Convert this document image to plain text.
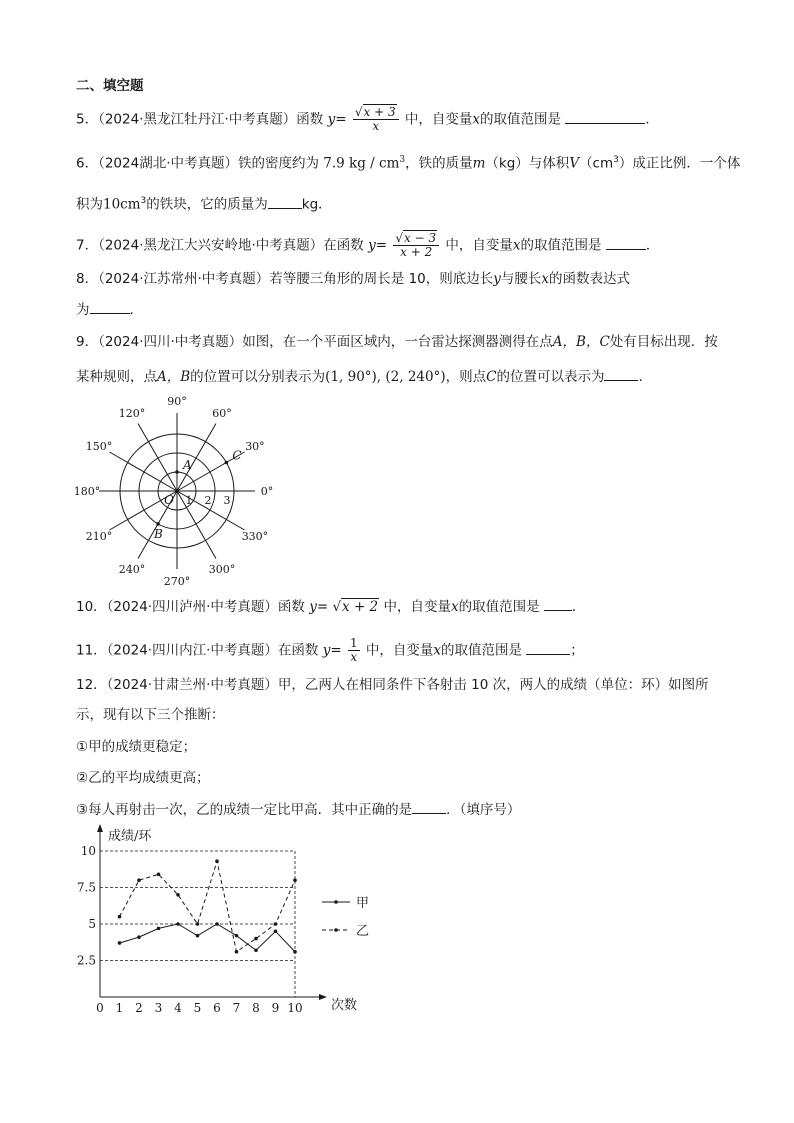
二、填空题
5．（2024·黑龙江牡丹江·中考真题）函数 $y= \frac{√x + 3}{x}$ 中，自变量x的取值范围是	．
6．（2024湖北·中考真题）铁的密度约为 7.9 kg / $cm^3$，铁的质量m（kg）与体积$V(cm^3)$成正比例．一个体
积为$10cm^3$的铁块，它的质量为	kg．
7．（2024·黑龙江大兴安岭地·中考真题）在函数 $y= \frac{√x - 3}{x + 2}$ 中，自变量x的取值范围是	．
8．（2024·江苏常州·中考真题）若等腰三角形的周长是 10，则底边长y与腰长x的函数表达式
为	．
9．（2024·四川·中考真题）如图，在一个平面区域内，一台雷达探测器测得在点A，B，C处有目标出现．按
某种规则，点A，B的位置可以分别表示为(1, 90°), (2, 240°)，则点C的位置可以表示为	．
0°
30°
60°
90°
120°
150°
180°
210°
240°
270°
300°
330°
1 2 3
O
A
B
C
10．（2024·四川泸州·中考真题）函数 y= √x + 2 中，自变量x的取值范围是 ．
11．（2024·四川内江·中考真题）在函数 $y= \frac{1}{x}$ 中，自变量x的取值范围是	；
12．（2024·甘肃兰州·中考真题）甲，乙两人在相同条件下各射击 10 次，两人的成绩（单位：环）如图所
示，现有以下三个推断：
①甲的成绩更稳定；
②乙的平均成绩更高；
③每人再射击一次，乙的成绩一定比甲高．其中正确的是	．（填序号）
成绩/环
次数
2.5
5
7.5
10
0 1 2 3 4 5 6 7 8 9 10
甲
乙
